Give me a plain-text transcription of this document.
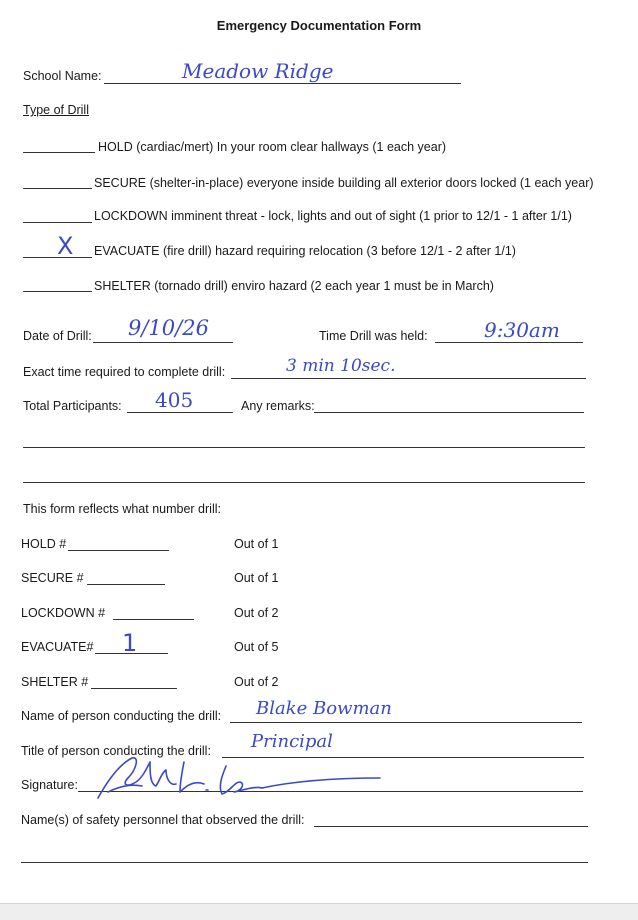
Emergency Documentation Form
School Name:	Meadow Ridge
Type of Drill
HOLD (cardiac/mert) In your room clear hallways (1 each year)
SECURE (shelter-in-place) everyone inside building all exterior doors locked (1 each year)
LOCKDOWN imminent threat - lock, lights and out of sight (1 prior to 12/1 - 1 after 1/1)
X EVACUATE (fire drill) hazard requiring relocation (3 before 12/1 - 2 after 1/1)
SHELTER (tornado drill) enviro hazard (2 each year 1 must be in March)
Date of Drill: 9/10/26	Time Drill was held:	9:30am
Exact time required to complete drill:	3 min 10sec.
Total Participants: 405	Any remarks:
This form reflects what number drill:
HOLD #	Out of 1
SECURE #	Out of 1
LOCKDOWN #	Out of 2
EVACUATE# 1	Out of 5
SHELTER #	Out of 2
Name of person conducting the drill: Blake Bowman
Title of person conducting the drill: Principal
Signature:
Name(s) of safety personnel that observed the drill:
